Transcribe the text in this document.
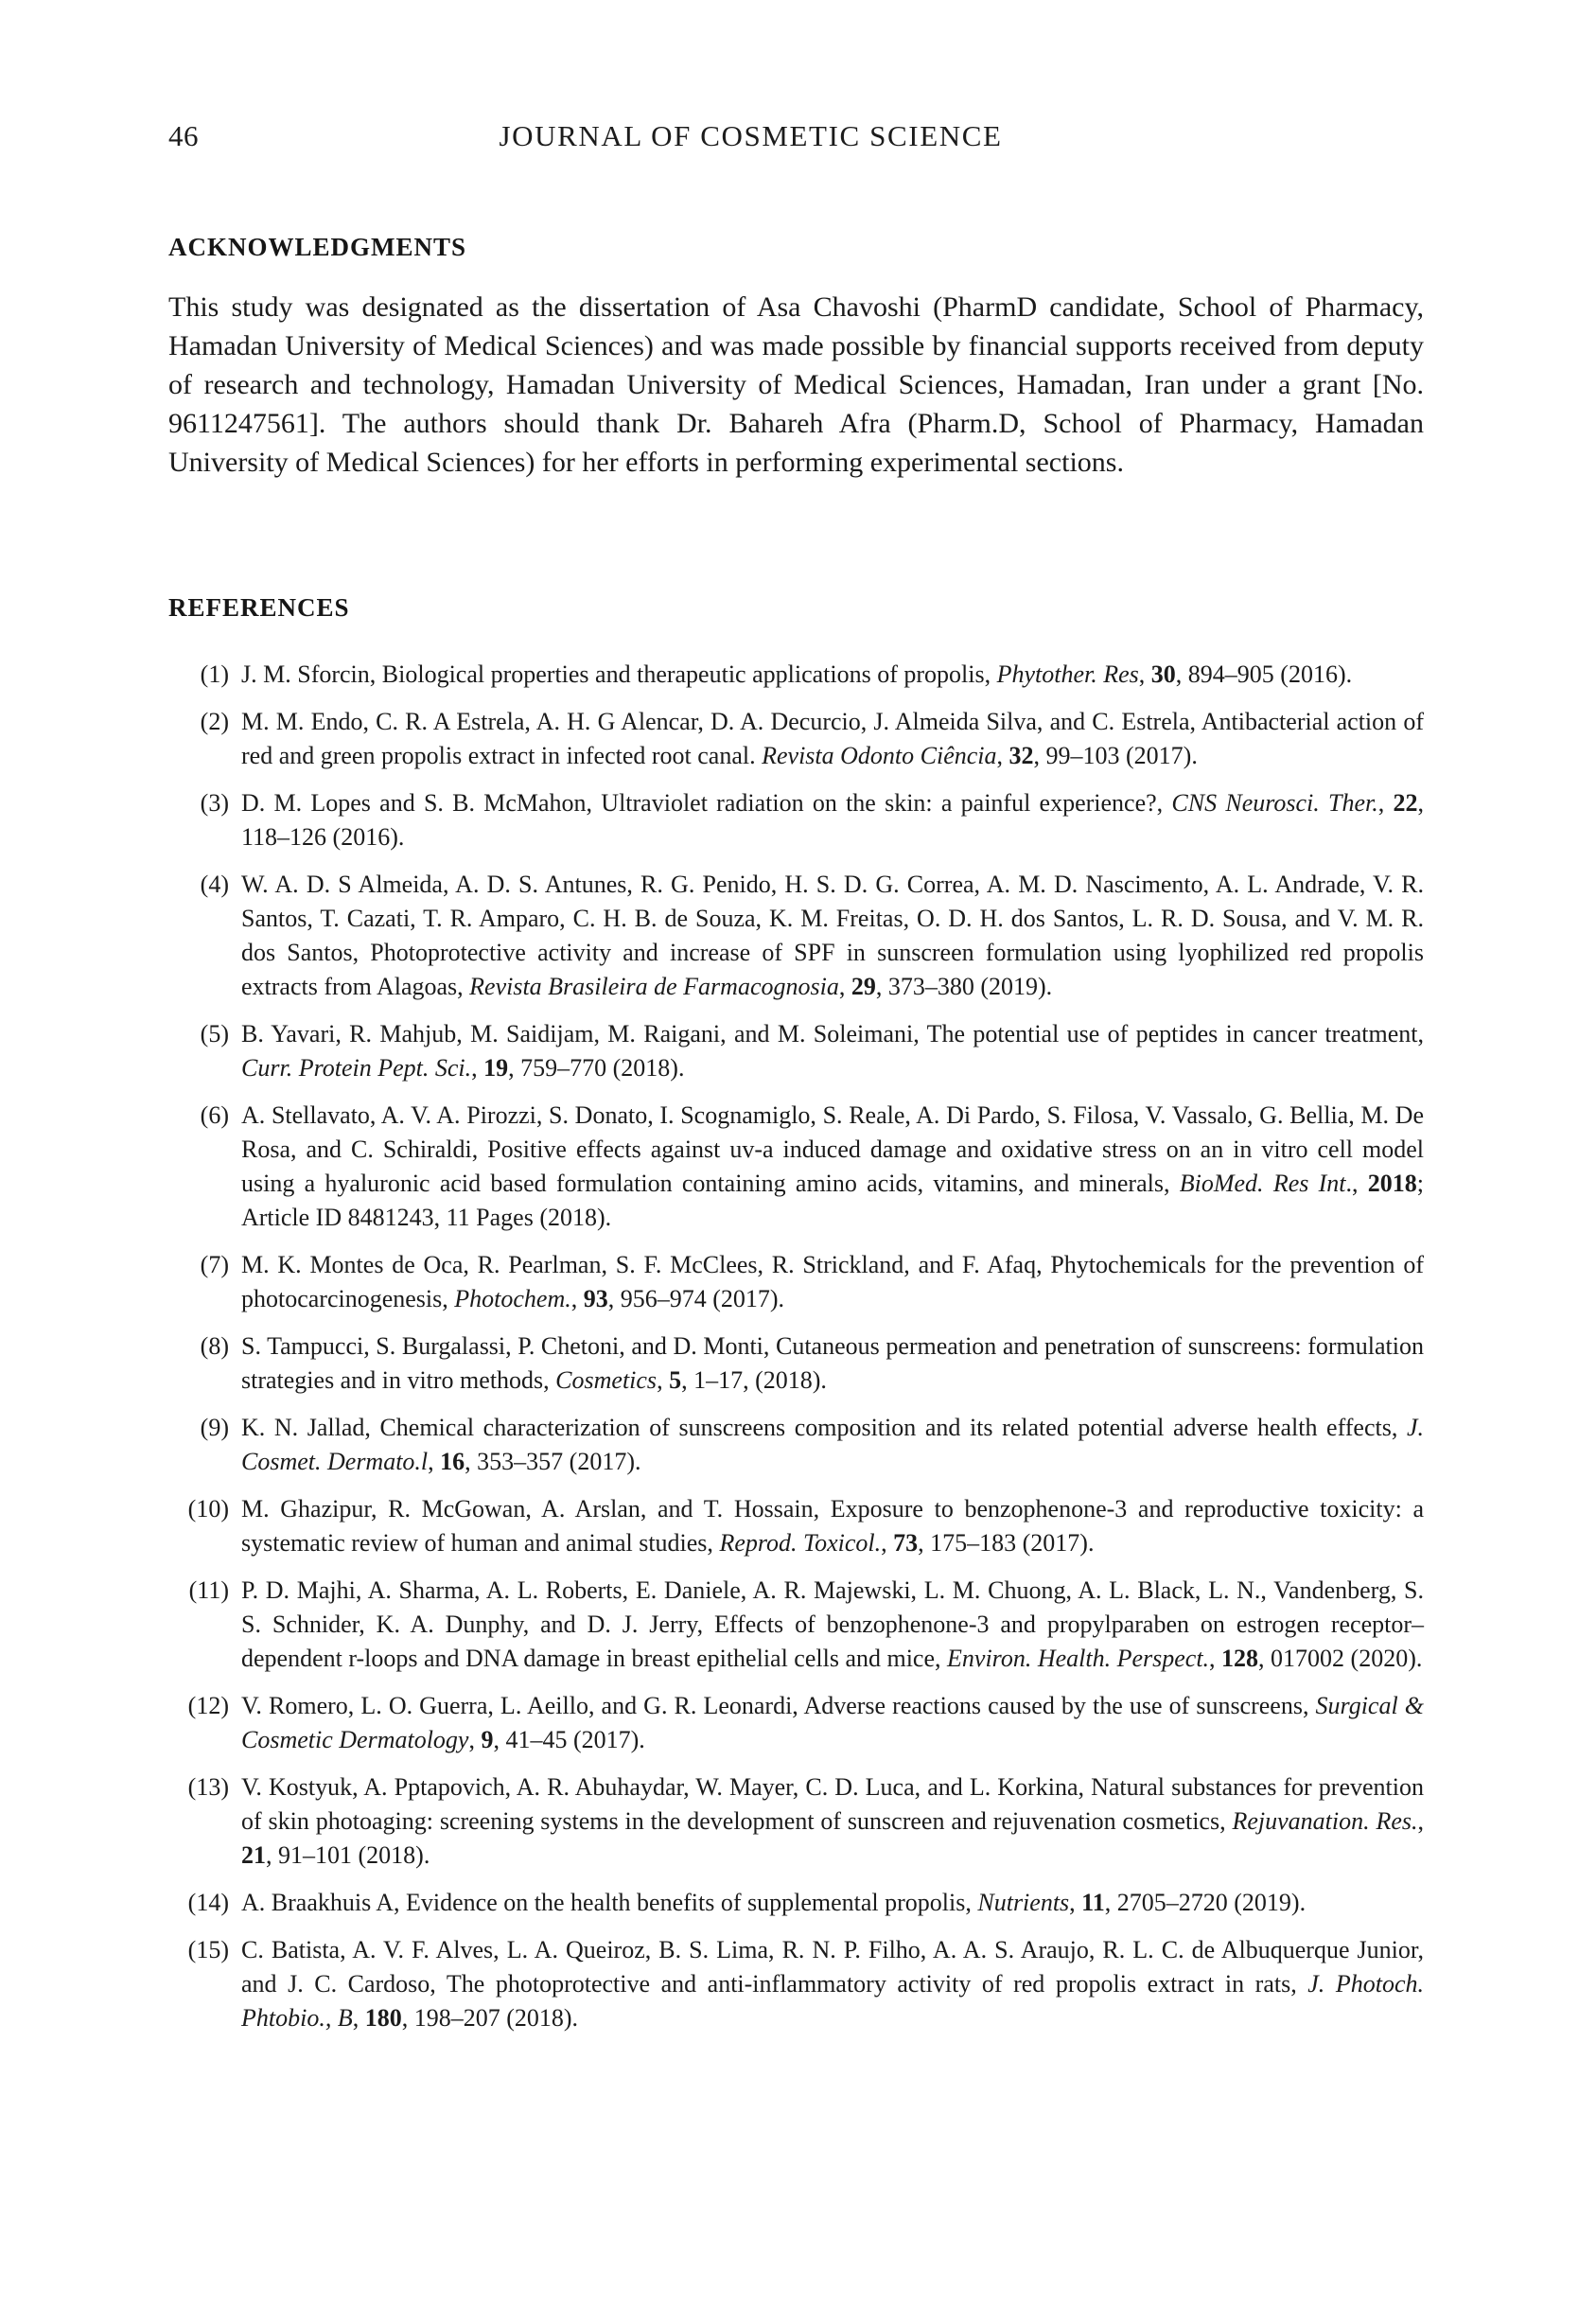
46	JOURNAL OF COSMETIC SCIENCE
ACKNOWLEDGMENTS

This study was designated as the dissertation of Asa Chavoshi (PharmD candidate, School of Pharmacy, Hamadan University of Medical Sciences) and was made possible by financial supports received from deputy of research and technology, Hamadan University of Medical Sciences, Hamadan, Iran under a grant [No. 9611247561]. The authors should thank Dr. Bahareh Afra (Pharm.D, School of Pharmacy, Hamadan University of Medical Sciences) for her efforts in performing experimental sections.

REFERENCES
(1) J. M. Sforcin, Biological properties and therapeutic applications of propolis, Phytother. Res, 30, 894–905 (2016).
(2) M. M. Endo, C. R. A Estrela, A. H. G Alencar, D. A. Decurcio, J. Almeida Silva, and C. Estrela, Antibacterial action of red and green propolis extract in infected root canal. Revista Odonto Ciência, 32, 99–103 (2017).
(3) D. M. Lopes and S. B. McMahon, Ultraviolet radiation on the skin: a painful experience?, CNS Neurosci. Ther., 22, 118–126 (2016).
(4) W. A. D. S Almeida, A. D. S. Antunes, R. G. Penido, H. S. D. G. Correa, A. M. D. Nascimento, A. L. Andrade, V. R. Santos, T. Cazati, T. R. Amparo, C. H. B. de Souza, K. M. Freitas, O. D. H. dos Santos, L. R. D. Sousa, and V. M. R. dos Santos, Photoprotective activity and increase of SPF in sunscreen formulation using lyophilized red propolis extracts from Alagoas, Revista Brasileira de Farmacognosia, 29, 373–380 (2019).
(5) B. Yavari, R. Mahjub, M. Saidijam, M. Raigani, and M. Soleimani, The potential use of peptides in cancer treatment, Curr. Protein Pept. Sci., 19, 759–770 (2018).
(6) A. Stellavato, A. V. A. Pirozzi, S. Donato, I. Scognamiglo, S. Reale, A. Di Pardo, S. Filosa, V. Vassalo, G. Bellia, M. De Rosa, and C. Schiraldi, Positive effects against uv-a induced damage and oxidative stress on an in vitro cell model using a hyaluronic acid based formulation containing amino acids, vitamins, and minerals, BioMed. Res Int., 2018; Article ID 8481243, 11 Pages (2018).
(7) M. K. Montes de Oca, R. Pearlman, S. F. McClees, R. Strickland, and F. Afaq, Phytochemicals for the prevention of photocarcinogenesis, Photochem., 93, 956–974 (2017).
(8) S. Tampucci, S. Burgalassi, P. Chetoni, and D. Monti, Cutaneous permeation and penetration of sunscreens: formulation strategies and in vitro methods, Cosmetics, 5, 1–17, (2018).
(9) K. N. Jallad, Chemical characterization of sunscreens composition and its related potential adverse health effects, J. Cosmet. Dermato.l, 16, 353–357 (2017).
(10) M. Ghazipur, R. McGowan, A. Arslan, and T. Hossain, Exposure to benzophenone-3 and reproductive toxicity: a systematic review of human and animal studies, Reprod. Toxicol., 73, 175–183 (2017).
(11) P. D. Majhi, A. Sharma, A. L. Roberts, E. Daniele, A. R. Majewski, L. M. Chuong, A. L. Black, L. N., Vandenberg, S. S. Schnider, K. A. Dunphy, and D. J. Jerry, Effects of benzophenone-3 and propylparaben on estrogen receptor–dependent r-loops and DNA damage in breast epithelial cells and mice, Environ. Health. Perspect., 128, 017002 (2020).
(12) V. Romero, L. O. Guerra, L. Aeillo, and G. R. Leonardi, Adverse reactions caused by the use of sunscreens, Surgical & Cosmetic Dermatology, 9, 41–45 (2017).
(13) V. Kostyuk, A. Pptapovich, A. R. Abuhaydar, W. Mayer, C. D. Luca, and L. Korkina, Natural substances for prevention of skin photoaging: screening systems in the development of sunscreen and rejuvenation cosmetics, Rejuvanation. Res., 21, 91–101 (2018).
(14) A. Braakhuis A, Evidence on the health benefits of supplemental propolis, Nutrients, 11, 2705–2720 (2019).
(15) C. Batista, A. V. F. Alves, L. A. Queiroz, B. S. Lima, R. N. P. Filho, A. A. S. Araujo, R. L. C. de Albuquerque Junior, and J. C. Cardoso, The photoprotective and anti-inflammatory activity of red propolis extract in rats, J. Photoch. Phtobio., B, 180, 198–207 (2018).
